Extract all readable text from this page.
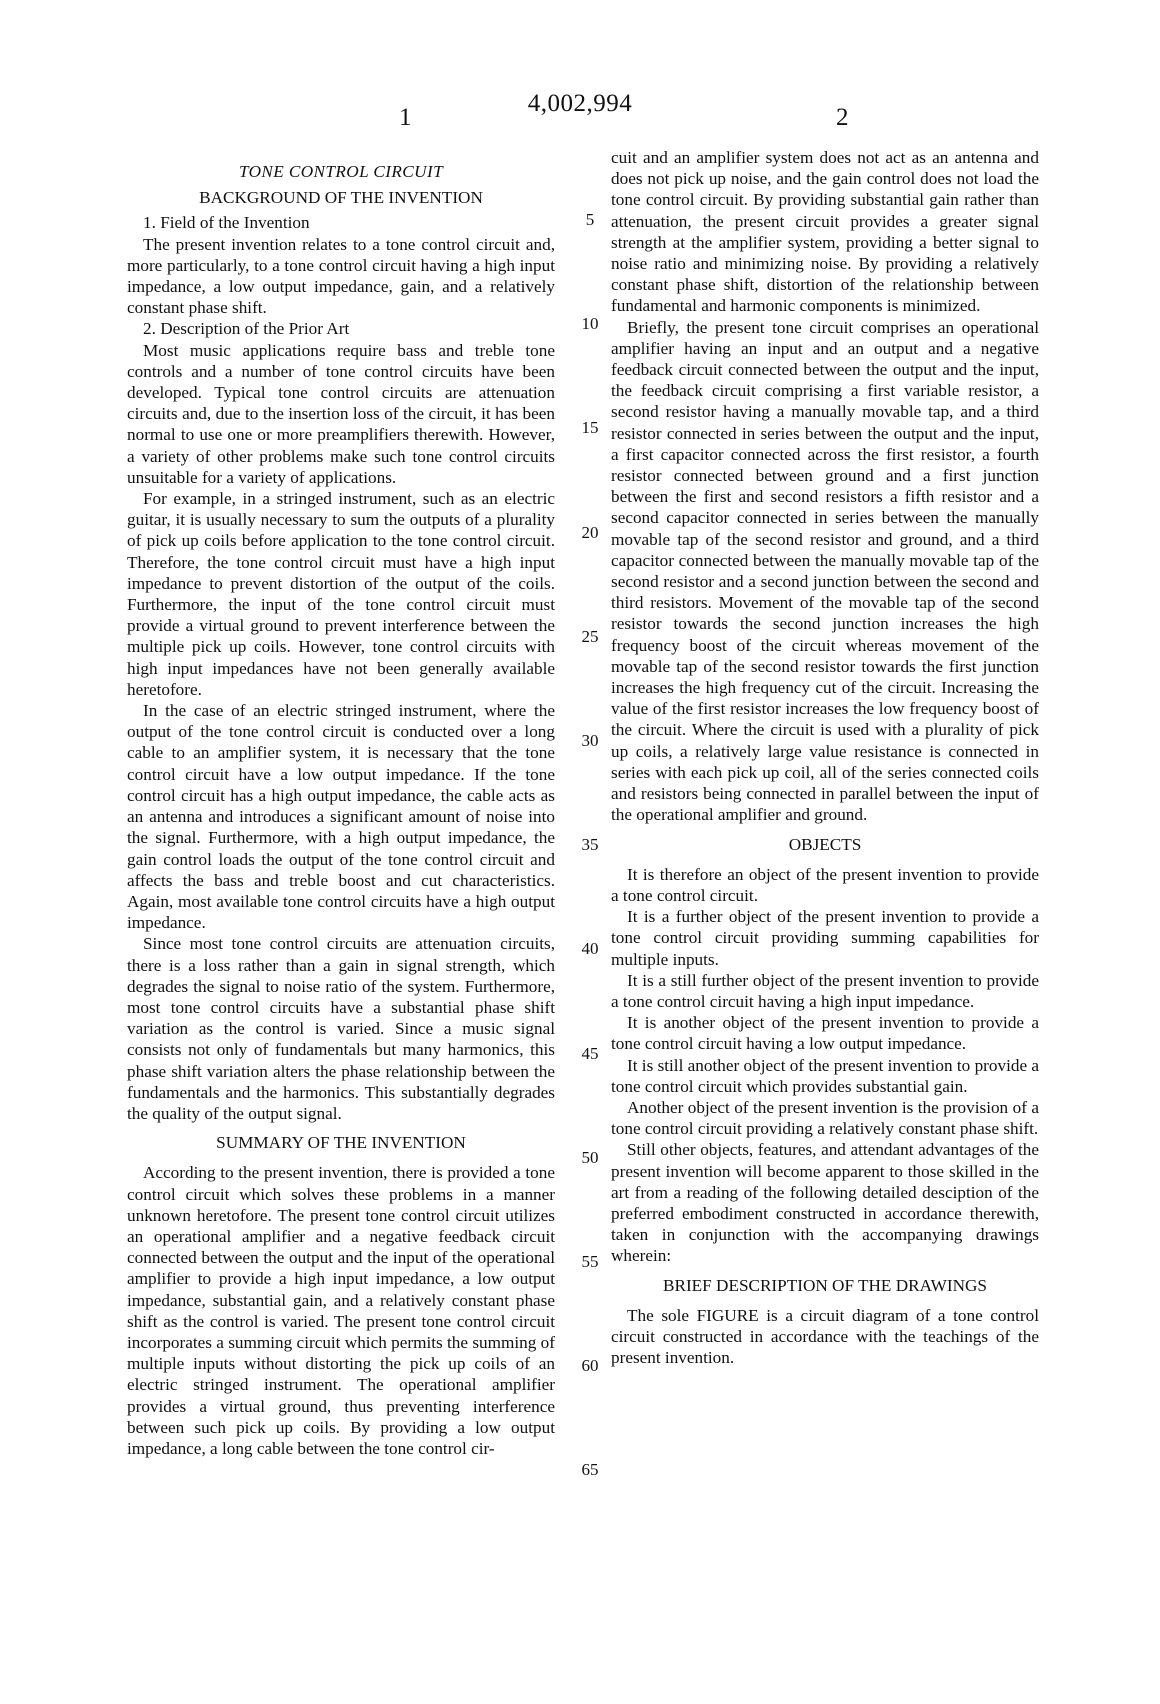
1
4,002,994
2
TONE CONTROL CIRCUIT
BACKGROUND OF THE INVENTION

1. Field of the Invention

The present invention relates to a tone control circuit and, more particularly, to a tone control circuit having a high input impedance, a low output impedance, gain, and a relatively constant phase shift.

2. Description of the Prior Art

Most music applications require bass and treble tone controls and a number of tone control circuits have been developed. Typical tone control circuits are attenuation circuits and, due to the insertion loss of the circuit, it has been normal to use one or more preamplifiers therewith. However, a variety of other problems make such tone control circuits unsuitable for a variety of applications.

For example, in a stringed instrument, such as an electric guitar, it is usually necessary to sum the outputs of a plurality of pick up coils before application to the tone control circuit. Therefore, the tone control circuit must have a high input impedance to prevent distortion of the output of the coils. Furthermore, the input of the tone control circuit must provide a virtual ground to prevent interference between the multiple pick up coils. However, tone control circuits with high input impedances have not been generally available heretofore.

In the case of an electric stringed instrument, where the output of the tone control circuit is conducted over a long cable to an amplifier system, it is necessary that the tone control circuit have a low output impedance. If the tone control circuit has a high output impedance, the cable acts as an antenna and introduces a significant amount of noise into the signal. Furthermore, with a high output impedance, the gain control loads the output of the tone control circuit and affects the bass and treble boost and cut characteristics. Again, most available tone control circuits have a high output impedance.

Since most tone control circuits are attenuation circuits, there is a loss rather than a gain in signal strength, which degrades the signal to noise ratio of the system. Furthermore, most tone control circuits have a substantial phase shift variation as the control is varied. Since a music signal consists not only of fundamentals but many harmonics, this phase shift variation alters the phase relationship between the fundamentals and the harmonics. This substantially degrades the quality of the output signal.

SUMMARY OF THE INVENTION

According to the present invention, there is provided a tone control circuit which solves these problems in a manner unknown heretofore. The present tone control circuit utilizes an operational amplifier and a negative feedback circuit connected between the output and the input of the operational amplifier to provide a high input impedance, a low output impedance, substantial gain, and a relatively constant phase shift as the control is varied. The present tone control circuit incorporates a summing circuit which permits the summing of multiple inputs without distorting the pick up coils of an electric stringed instrument. The operational amplifier provides a virtual ground, thus preventing interference between such pick up coils. By providing a low output impedance, a long cable between the tone control cir-

5
10
15
20
25
30
35
40
45
50
55
60
65

cuit and an amplifier system does not act as an antenna and does not pick up noise, and the gain control does not load the tone control circuit. By providing substantial gain rather than attenuation, the present circuit provides a greater signal strength at the amplifier system, providing a better signal to noise ratio and minimizing noise. By providing a relatively constant phase shift, distortion of the relationship between fundamental and harmonic components is minimized.

Briefly, the present tone circuit comprises an operational amplifier having an input and an output and a negative feedback circuit connected between the output and the input, the feedback circuit comprising a first variable resistor, a second resistor having a manually movable tap, and a third resistor connected in series between the output and the input, a first capacitor connected across the first resistor, a fourth resistor connected between ground and a first junction between the first and second resistors a fifth resistor and a second capacitor connected in series between the manually movable tap of the second resistor and ground, and a third capacitor connected between the manually movable tap of the second resistor and a second junction between the second and third resistors. Movement of the movable tap of the second resistor towards the second junction increases the high frequency boost of the circuit whereas movement of the movable tap of the second resistor towards the first junction increases the high frequency cut of the circuit. Increasing the value of the first resistor increases the low frequency boost of the circuit. Where the circuit is used with a plurality of pick up coils, a relatively large value resistance is connected in series with each pick up coil, all of the series connected coils and resistors being connected in parallel between the input of the operational amplifier and ground.

OBJECTS

It is therefore an object of the present invention to provide a tone control circuit.

It is a further object of the present invention to provide a tone control circuit providing summing capabilities for multiple inputs.

It is a still further object of the present invention to provide a tone control circuit having a high input impedance.

It is another object of the present invention to provide a tone control circuit having a low output impedance.

It is still another object of the present invention to provide a tone control circuit which provides substantial gain.

Another object of the present invention is the provision of a tone control circuit providing a relatively constant phase shift.

Still other objects, features, and attendant advantages of the present invention will become apparent to those skilled in the art from a reading of the following detailed desciption of the preferred embodiment constructed in accordance therewith, taken in conjunction with the accompanying drawings wherein:

BRIEF DESCRIPTION OF THE DRAWINGS

The sole FIGURE is a circuit diagram of a tone control circuit constructed in accordance with the teachings of the present invention.
